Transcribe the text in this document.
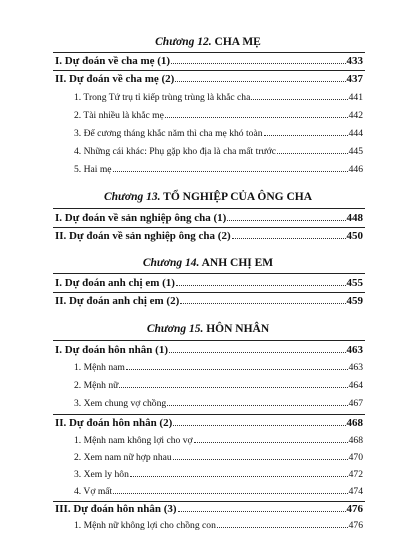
Chương 12. CHA MẸ
I. Dự đoán về cha mẹ (1)	433
II. Dự đoán về cha mẹ (2)	437
1. Trong Tứ trụ tỉ kiếp trùng trùng là khắc cha	441
2. Tài nhiều là khắc mẹ	442
3. Để cương tháng khắc năm thì cha mẹ khó toàn	444
4. Những cái khác: Phụ gặp kho địa là cha mất trước	445
5. Hai mẹ	446
Chương 13. TỔ NGHIỆP CỦA ÔNG CHA
I. Dự đoán về sản nghiệp ông cha (1)	448
II. Dự đoán về sản nghiệp ông cha (2)	450
Chương 14. ANH CHỊ EM
I. Dự đoán anh chị em (1)	455
II. Dự đoán anh chị em (2)	459
Chương 15. HÔN NHÂN
I. Dự đoán hôn nhân (1)	463
1. Mệnh nam	463
2. Mệnh nữ	464
3. Xem chung vợ chồng	467
II. Dự đoán hôn nhân (2)	468
1. Mệnh nam không lợi cho vợ	468
2. Xem nam nữ hợp nhau	470
3. Xem ly hôn	472
4. Vợ mất	474
III. Dự đoán hôn nhân (3)	476
1. Mệnh nữ không lợi cho chồng con	476
